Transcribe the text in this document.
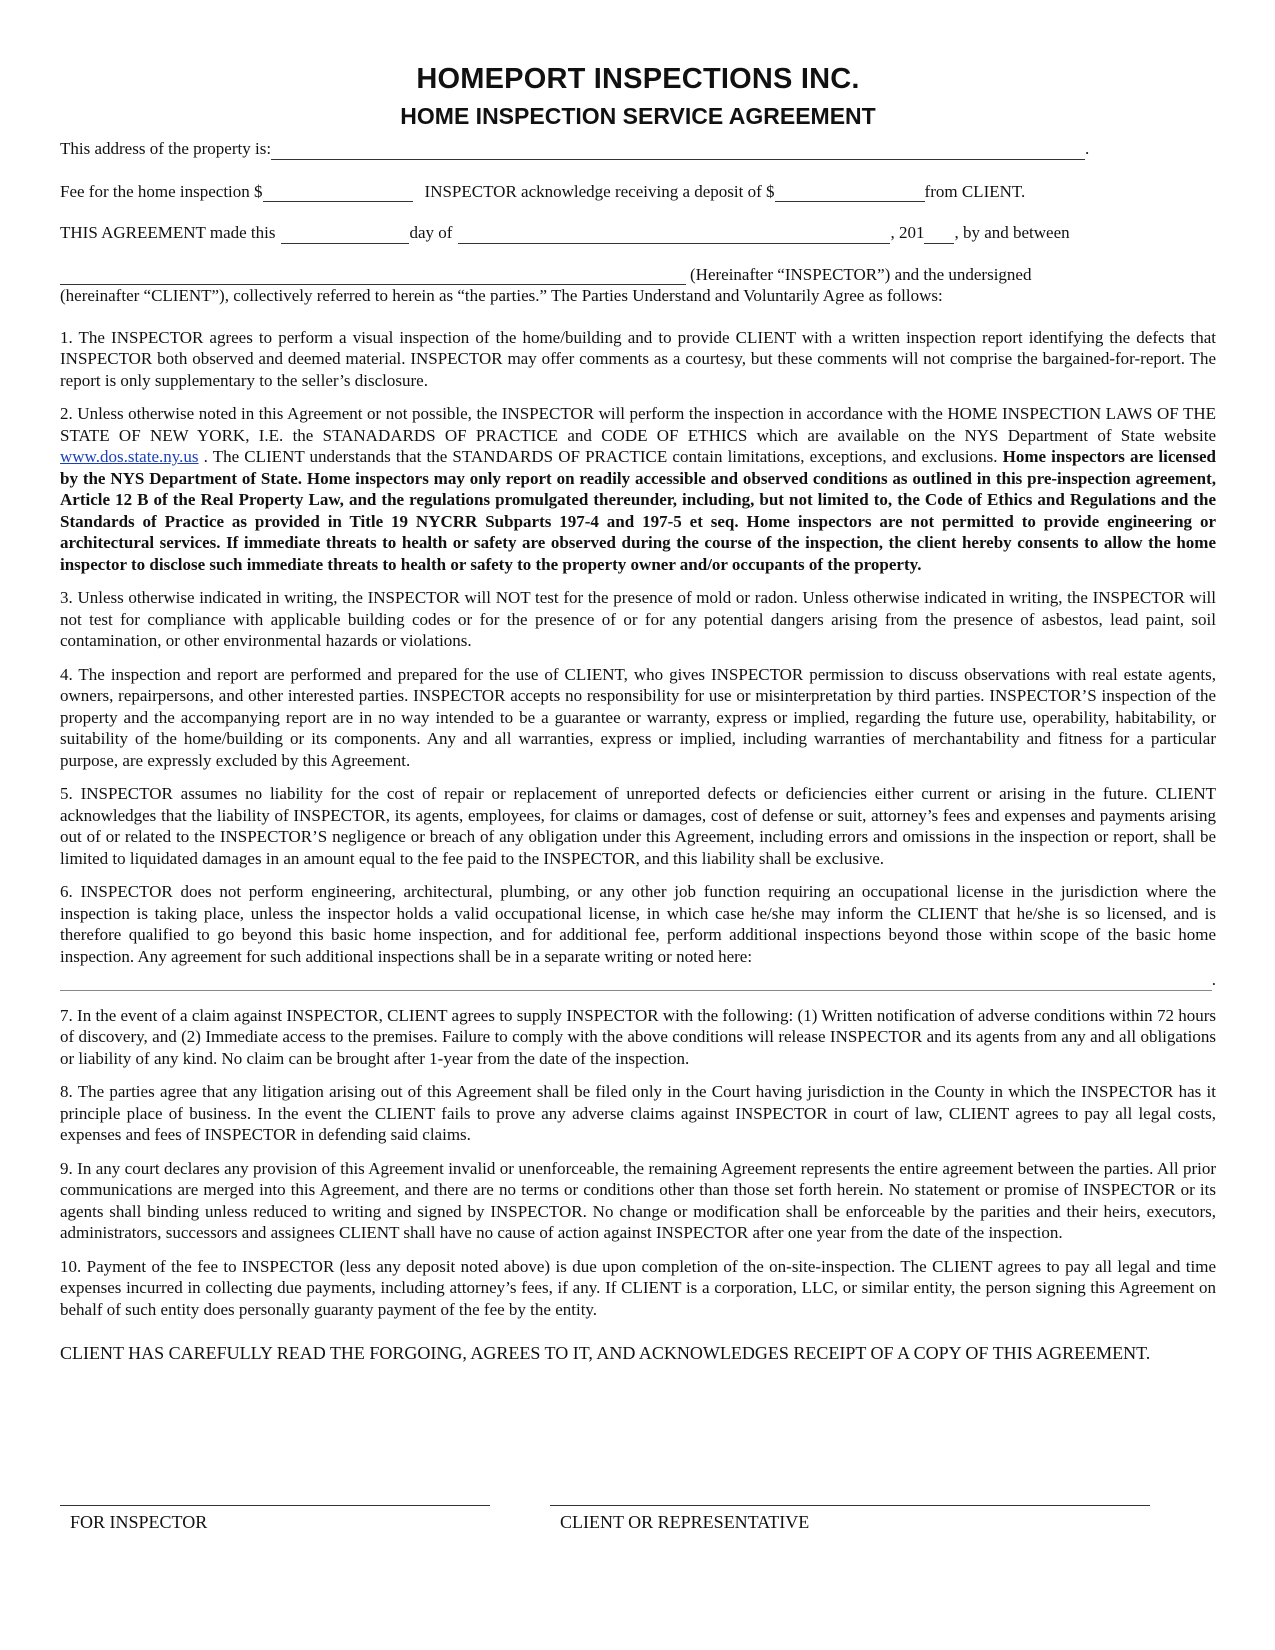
HOMEPORT INSPECTIONS INC.
HOME INSPECTION SERVICE AGREEMENT
This address of the property is:	.
Fee for the home inspection $	INSPECTOR acknowledge receiving a deposit of $	from CLIENT.
THIS AGREEMENT made this	day of	, 201 , by and between
(Hereinafter “INSPECTOR”) and the undersigned
(hereinafter “CLIENT”), collectively referred to herein as “the parties.” The Parties Understand and Voluntarily Agree as follows:

1. The INSPECTOR agrees to perform a visual inspection of the home/building and to provide CLIENT with a written inspection report identifying the defects that INSPECTOR both observed and deemed material. INSPECTOR may offer comments as a courtesy, but these comments will not comprise the bargained-for-report. The report is only supplementary to the seller’s disclosure.

2. Unless otherwise noted in this Agreement or not possible, the INSPECTOR will perform the inspection in accordance with the HOME INSPECTION LAWS OF THE STATE OF NEW YORK, I.E. the STANADARDS OF PRACTICE and CODE OF ETHICS which are available on the NYS Department of State website www.dos.state.ny.us . The CLIENT understands that the STANDARDS OF PRACTICE contain limitations, exceptions, and exclusions. Home inspectors are licensed by the NYS Department of State. Home inspectors may only report on readily accessible and observed conditions as outlined in this pre-inspection agreement, Article 12 B of the Real Property Law, and the regulations promulgated thereunder, including, but not limited to, the Code of Ethics and Regulations and the Standards of Practice as provided in Title 19 NYCRR Subparts 197-4 and 197-5 et seq. Home inspectors are not permitted to provide engineering or architectural services. If immediate threats to health or safety are observed during the course of the inspection, the client hereby consents to allow the home inspector to disclose such immediate threats to health or safety to the property owner and/or occupants of the property.

3. Unless otherwise indicated in writing, the INSPECTOR will NOT test for the presence of mold or radon. Unless otherwise indicated in writing, the INSPECTOR will not test for compliance with applicable building codes or for the presence of or for any potential dangers arising from the presence of asbestos, lead paint, soil contamination, or other environmental hazards or violations.

4. The inspection and report are performed and prepared for the use of CLIENT, who gives INSPECTOR permission to discuss observations with real estate agents, owners, repairpersons, and other interested parties. INSPECTOR accepts no responsibility for use or misinterpretation by third parties. INSPECTOR’S inspection of the property and the accompanying report are in no way intended to be a guarantee or warranty, express or implied, regarding the future use, operability, habitability, or suitability of the home/building or its components. Any and all warranties, express or implied, including warranties of merchantability and fitness for a particular purpose, are expressly excluded by this Agreement.

5. INSPECTOR assumes no liability for the cost of repair or replacement of unreported defects or deficiencies either current or arising in the future. CLIENT acknowledges that the liability of INSPECTOR, its agents, employees, for claims or damages, cost of defense or suit, attorney’s fees and expenses and payments arising out of or related to the INSPECTOR’S negligence or breach of any obligation under this Agreement, including errors and omissions in the inspection or report, shall be limited to liquidated damages in an amount equal to the fee paid to the INSPECTOR, and this liability shall be exclusive.

6. INSPECTOR does not perform engineering, architectural, plumbing, or any other job function requiring an occupational license in the jurisdiction where the inspection is taking place, unless the inspector holds a valid occupational license, in which case he/she may inform the CLIENT that he/she is so licensed, and is therefore qualified to go beyond this basic home inspection, and for additional fee, perform additional inspections beyond those within scope of the basic home inspection. Any agreement for such additional inspections shall be in a separate writing or noted here:

.

7. In the event of a claim against INSPECTOR, CLIENT agrees to supply INSPECTOR with the following: (1) Written notification of adverse conditions within 72 hours of discovery, and (2) Immediate access to the premises. Failure to comply with the above conditions will release INSPECTOR and its agents from any and all obligations or liability of any kind. No claim can be brought after 1-year from the date of the inspection.

8. The parties agree that any litigation arising out of this Agreement shall be filed only in the Court having jurisdiction in the County in which the INSPECTOR has it principle place of business. In the event the CLIENT fails to prove any adverse claims against INSPECTOR in court of law, CLIENT agrees to pay all legal costs, expenses and fees of INSPECTOR in defending said claims.

9. In any court declares any provision of this Agreement invalid or unenforceable, the remaining Agreement represents the entire agreement between the parties. All prior communications are merged into this Agreement, and there are no terms or conditions other than those set forth herein. No statement or promise of INSPECTOR or its agents shall binding unless reduced to writing and signed by INSPECTOR. No change or modification shall be enforceable by the parities and their heirs, executors, administrators, successors and assignees CLIENT shall have no cause of action against INSPECTOR after one year from the date of the inspection.

10. Payment of the fee to INSPECTOR (less any deposit noted above) is due upon completion of the on-site-inspection. The CLIENT agrees to pay all legal and time expenses incurred in collecting due payments, including attorney’s fees, if any. If CLIENT is a corporation, LLC, or similar entity, the person signing this Agreement on behalf of such entity does personally guaranty payment of the fee by the entity.

CLIENT HAS CAREFULLY READ THE FORGOING, AGREES TO IT, AND ACKNOWLEDGES RECEIPT OF A COPY OF THIS AGREEMENT.
FOR INSPECTOR	CLIENT OR REPRESENTATIVE
